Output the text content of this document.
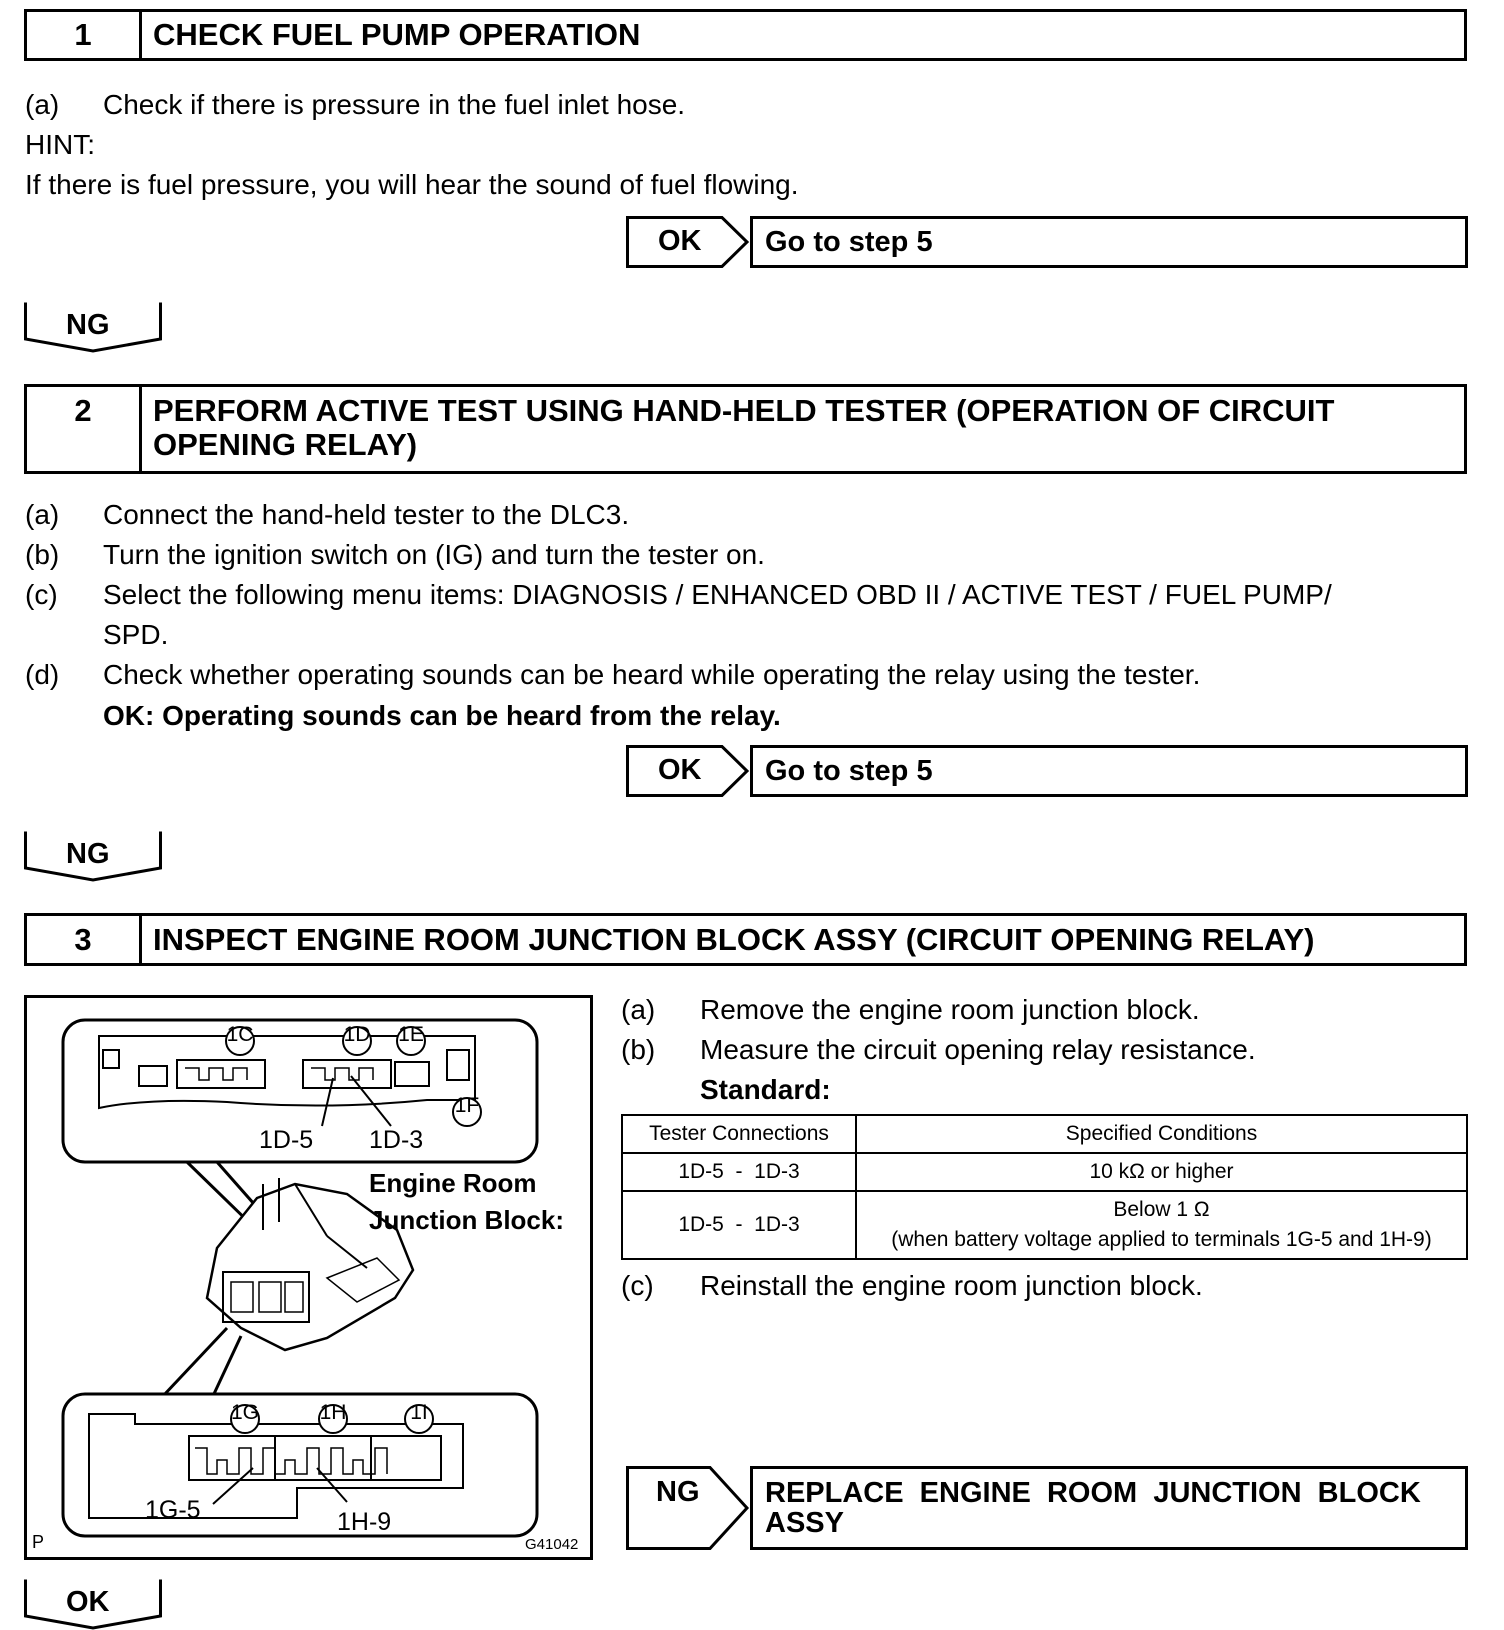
1	CHECK FUEL PUMP OPERATION
(a) Check if there is pressure in the fuel inlet hose.
HINT:
If there is fuel pressure, you will hear the sound of fuel flowing.
OK	Go to step 5
NG
2	PERFORM ACTIVE TEST USING HAND-HELD TESTER (OPERATION OF CIRCUIT
OPENING RELAY)
(a) Connect the hand-held tester to the DLC3.
(b) Turn the ignition switch on (IG) and turn the tester on.
(c) Select the following menu items: DIAGNOSIS / ENHANCED OBD II / ACTIVE TEST / FUEL PUMP/
SPD.
(d) Check whether operating sounds can be heard while operating the relay using the tester.
OK: Operating sounds can be heard from the relay.
OK	Go to step 5
NG
3	INSPECT ENGINE ROOM JUNCTION BLOCK ASSY (CIRCUIT OPENING RELAY)
1C	1D	1E
1F
1G	1H	1I
1D-5 1D-3
1G-5	1H-9
Engine Room
Junction Block:
P	G41042
(a) Remove the engine room junction block.
(b) Measure the circuit opening relay resistance.
Standard:
Tester Connections	Specified Conditions
1D-5  -  1D-3	10 kΩ or higher
1D-5  -  1D-3	Below 1 Ω
(when battery voltage applied to terminals 1G-5 and 1H-9)
(c) Reinstall the engine room junction block.
NG REPLACE  ENGINE  ROOM  JUNCTION  BLOCK
ASSY
OK
